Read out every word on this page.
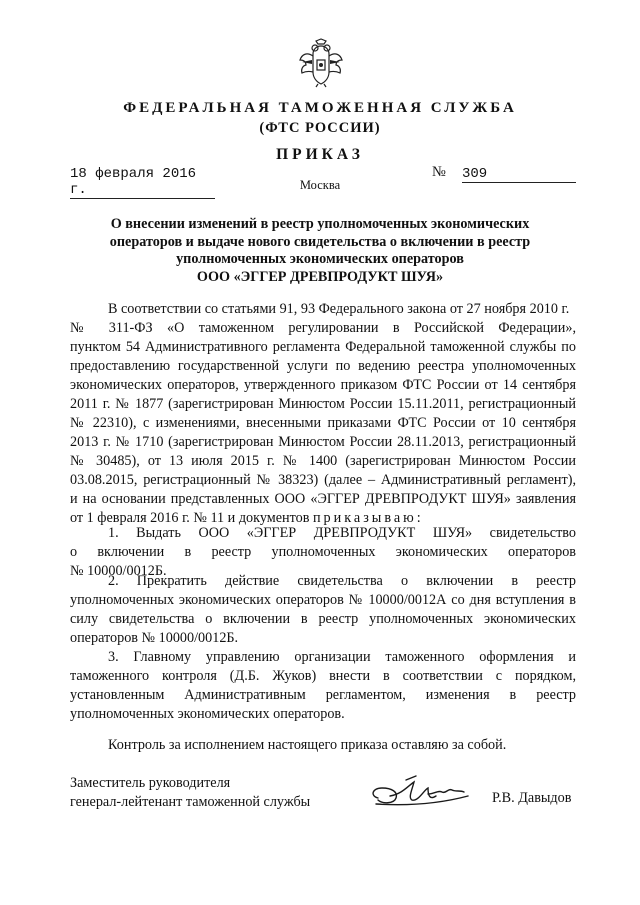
ФЕДЕРАЛЬНАЯ ТАМОЖЕННАЯ СЛУЖБА
(ФТС РОССИИ)
ПРИКАЗ
18 февраля 2016 г.
№ 309
Москва
О внесении изменений в реестр уполномоченных экономических
операторов и выдаче нового свидетельства о включении в реестр
уполномоченных экономических операторов
ООО «ЭГГЕР ДРЕВПРОДУКТ ШУЯ»
В соответствии со статьями 91, 93 Федерального закона от 27 ноября 2010 г.
№ 311-ФЗ «О таможенном регулировании в Российской Федерации»,
пунктом 54 Административного регламента Федеральной таможенной службы по
предоставлению государственной услуги по ведению реестра уполномоченных
экономических операторов, утвержденного приказом ФТС России от 14 сентября
2011 г. № 1877 (зарегистрирован Минюстом России 15.11.2011, регистрационный
№ 22310), с изменениями, внесенными приказами ФТС России от 10 сентября
2013 г. № 1710 (зарегистрирован Минюстом России 28.11.2013, регистрационный
№ 30485), от 13 июля 2015 г. № 1400 (зарегистрирован Минюстом России
03.08.2015, регистрационный № 38323) (далее – Административный регламент),
и на основании представленных ООО «ЭГГЕР ДРЕВПРОДУКТ ШУЯ» заявления
от 1 февраля 2016 г. № 11 и документов приказываю:
1. Выдать ООО «ЭГГЕР ДРЕВПРОДУКТ ШУЯ» свидетельство
о включении в реестр уполномоченных экономических операторов
№ 10000/0012Б.
2. Прекратить действие свидетельства о включении в реестр
уполномоченных экономических операторов № 10000/0012А со дня вступления в
силу свидетельства о включении в реестр уполномоченных экономических
операторов № 10000/0012Б.
3. Главному управлению организации таможенного оформления и
таможенного контроля (Д.Б. Жуков) внести в соответствии с порядком,
установленным Административным регламентом, изменения в реестр
уполномоченных экономических операторов.
Контроль за исполнением настоящего приказа оставляю за собой.
Заместитель руководителя
генерал-лейтенант таможенной службы	Р.В. Давыдов
